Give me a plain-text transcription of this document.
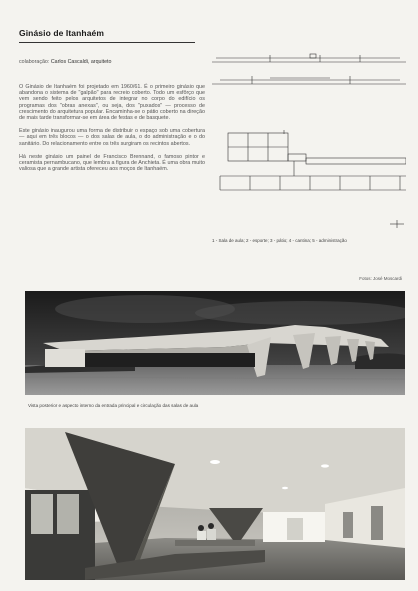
Ginásio de Itanhaém
colaboração: Carlos Cascaldi, arquiteto

O Ginásio de Itanhaém foi projetado em 1960/61. É o primeiro ginásio que abandona o sistema de "galpão" para recreio coberto. Todo um esfôrço que vem sendo feito pelos arquitetos de integrar no corpo do edifício os programas dos "obras anexas", ou seja, dos "puxados" — processo de crescimento do arquitetura popular. Encaminha-se o pátio coberto na direção de mais tarde transformar-se em área de festas e de basquete.

Este ginásio inaugurou uma forma de distribuir o espaço sob uma cobertura — aqui em três blocos — o dos salas de aula, o do administração e o do sanitário. Do relacionamento entre os três surgiram os recintos abertos.

Há neste ginásio um painel de Francisco Brennand, o famoso pintor e ceramista pernambucano, que lembra a figura de Anchieta. É uma obra muito valiosa que a grande artista ofereceu aos moços de Itanhaém.

1 - Sala de aula; 2 - esporte; 3 - pátio; 4 - cantina; 5 - administração
Fotos: José Moscardi
Vista posterior e aspecto interno da entrada principal e circulação das salas de aula
